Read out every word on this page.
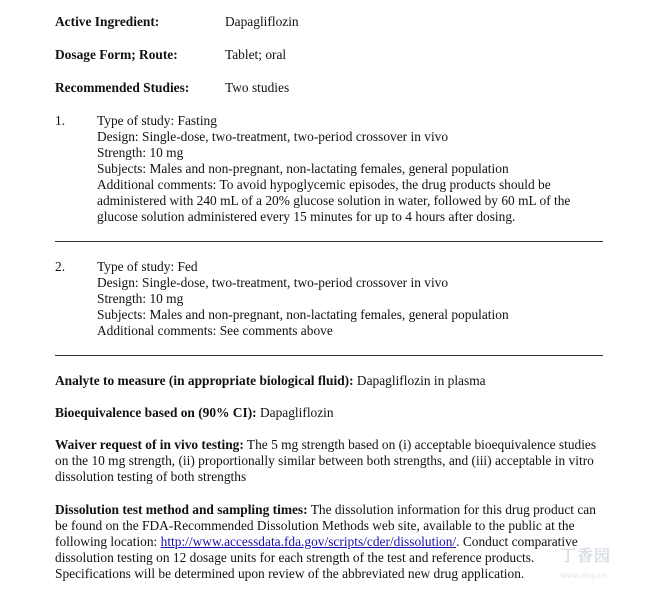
Active Ingredient:	Dapagliflozin
Dosage Form; Route:	Tablet; oral
Recommended Studies:	Two studies
1. Type of study: Fasting
Design: Single-dose, two-treatment, two-period crossover in vivo
Strength: 10 mg
Subjects: Males and non-pregnant, non-lactating females, general population
Additional comments: To avoid hypoglycemic episodes, the drug products should be
administered with 240 mL of a 20% glucose solution in water, followed by 60 mL of the
glucose solution administered every 15 minutes for up to 4 hours after dosing.
2. Type of study: Fed
Design: Single-dose, two-treatment, two-period crossover in vivo
Strength: 10 mg
Subjects: Males and non-pregnant, non-lactating females, general population
Additional comments: See comments above
Analyte to measure (in appropriate biological fluid): Dapagliflozin in plasma
Bioequivalence based on (90% CI): Dapagliflozin
Waiver request of in vivo testing: The 5 mg strength based on (i) acceptable bioequivalence studies on the 10 mg strength, (ii) proportionally similar between both strengths, and (iii) acceptable in vitro dissolution testing of both strengths
Dissolution test method and sampling times: The dissolution information for this drug product can be found on the FDA-Recommended Dissolution Methods web site, available to the public at the following location: http://www.accessdata.fda.gov/scripts/cder/dissolution/. Conduct comparative dissolution testing on 12 dosage units for each strength of the test and reference products. Specifications will be determined upon review of the abbreviated new drug application.
丁香园
www.dxy.cn
